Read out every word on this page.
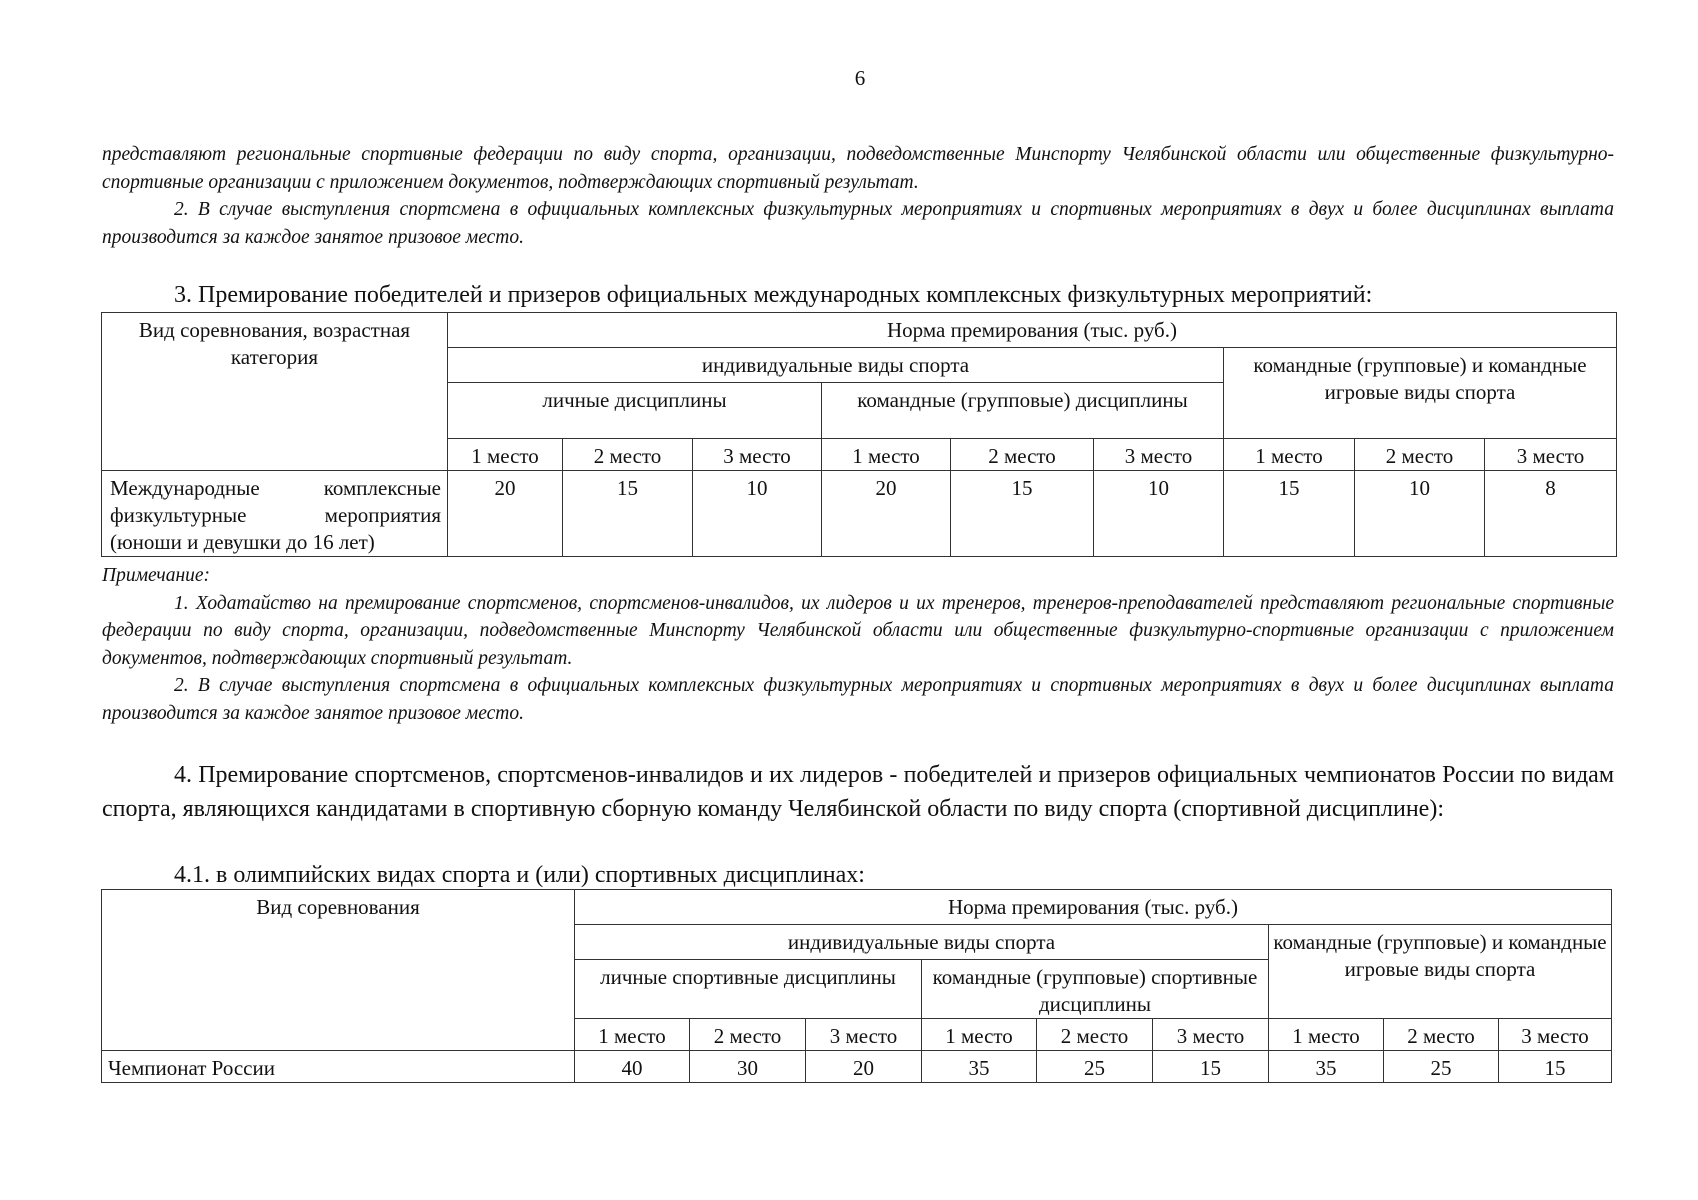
6

представляют региональные спортивные федерации по виду спорта, организации, подведомственные Минспорту Челябинской области или общественные физкультурно-спортивные организации с приложением документов, подтверждающих спортивный результат.

2. В случае выступления спортсмена в официальных комплексных физкультурных мероприятиях и спортивных мероприятиях в двух и более дисциплинах выплата производится за каждое занятое призовое место.

3. Премирование победителей и призеров официальных международных комплексных физкультурных мероприятий:
Вид соревнования, возрастная категория	Норма премирования (тыс. руб.)								
	индивидуальные виды спорта						командные (групповые) и командные игровые виды спорта		
	личные дисциплины			командные (групповые) дисциплины					
	1 место	2 место	3 место	1 место	2 место	3 место	1 место	2 место	3 место
Международные комплексные физкультурные мероприятия (юноши и девушки до 16 лет)	20	15	10	20	15	10	15	10	8

Примечание:

1. Ходатайство на премирование спортсменов, спортсменов-инвалидов, их лидеров и их тренеров, тренеров-преподавателей представляют региональные спортивные федерации по виду спорта, организации, подведомственные Минспорту Челябинской области или общественные физкультурно-спортивные организации с приложением документов, подтверждающих спортивный результат.

2. В случае выступления спортсмена в официальных комплексных физкультурных мероприятиях и спортивных мероприятиях в двух и более дисциплинах выплата производится за каждое занятое призовое место.

4. Премирование спортсменов, спортсменов-инвалидов и их лидеров - победителей и призеров официальных чемпионатов России по видам спорта, являющихся кандидатами в спортивную сборную команду Челябинской области по виду спорта (спортивной дисциплине):
4.1. в олимпийских видах спорта и (или) спортивных дисциплинах:
Вид соревнования	Норма премирования (тыс. руб.)								
	индивидуальные виды спорта						командные (групповые) и командные игровые виды спорта		
	личные спортивные дисциплины			командные (групповые) спортивные дисциплины					
	1 место	2 место	3 место	1 место	2 место	3 место	1 место	2 место	3 место
Чемпионат России	40	30	20	35	25	15	35	25	15
